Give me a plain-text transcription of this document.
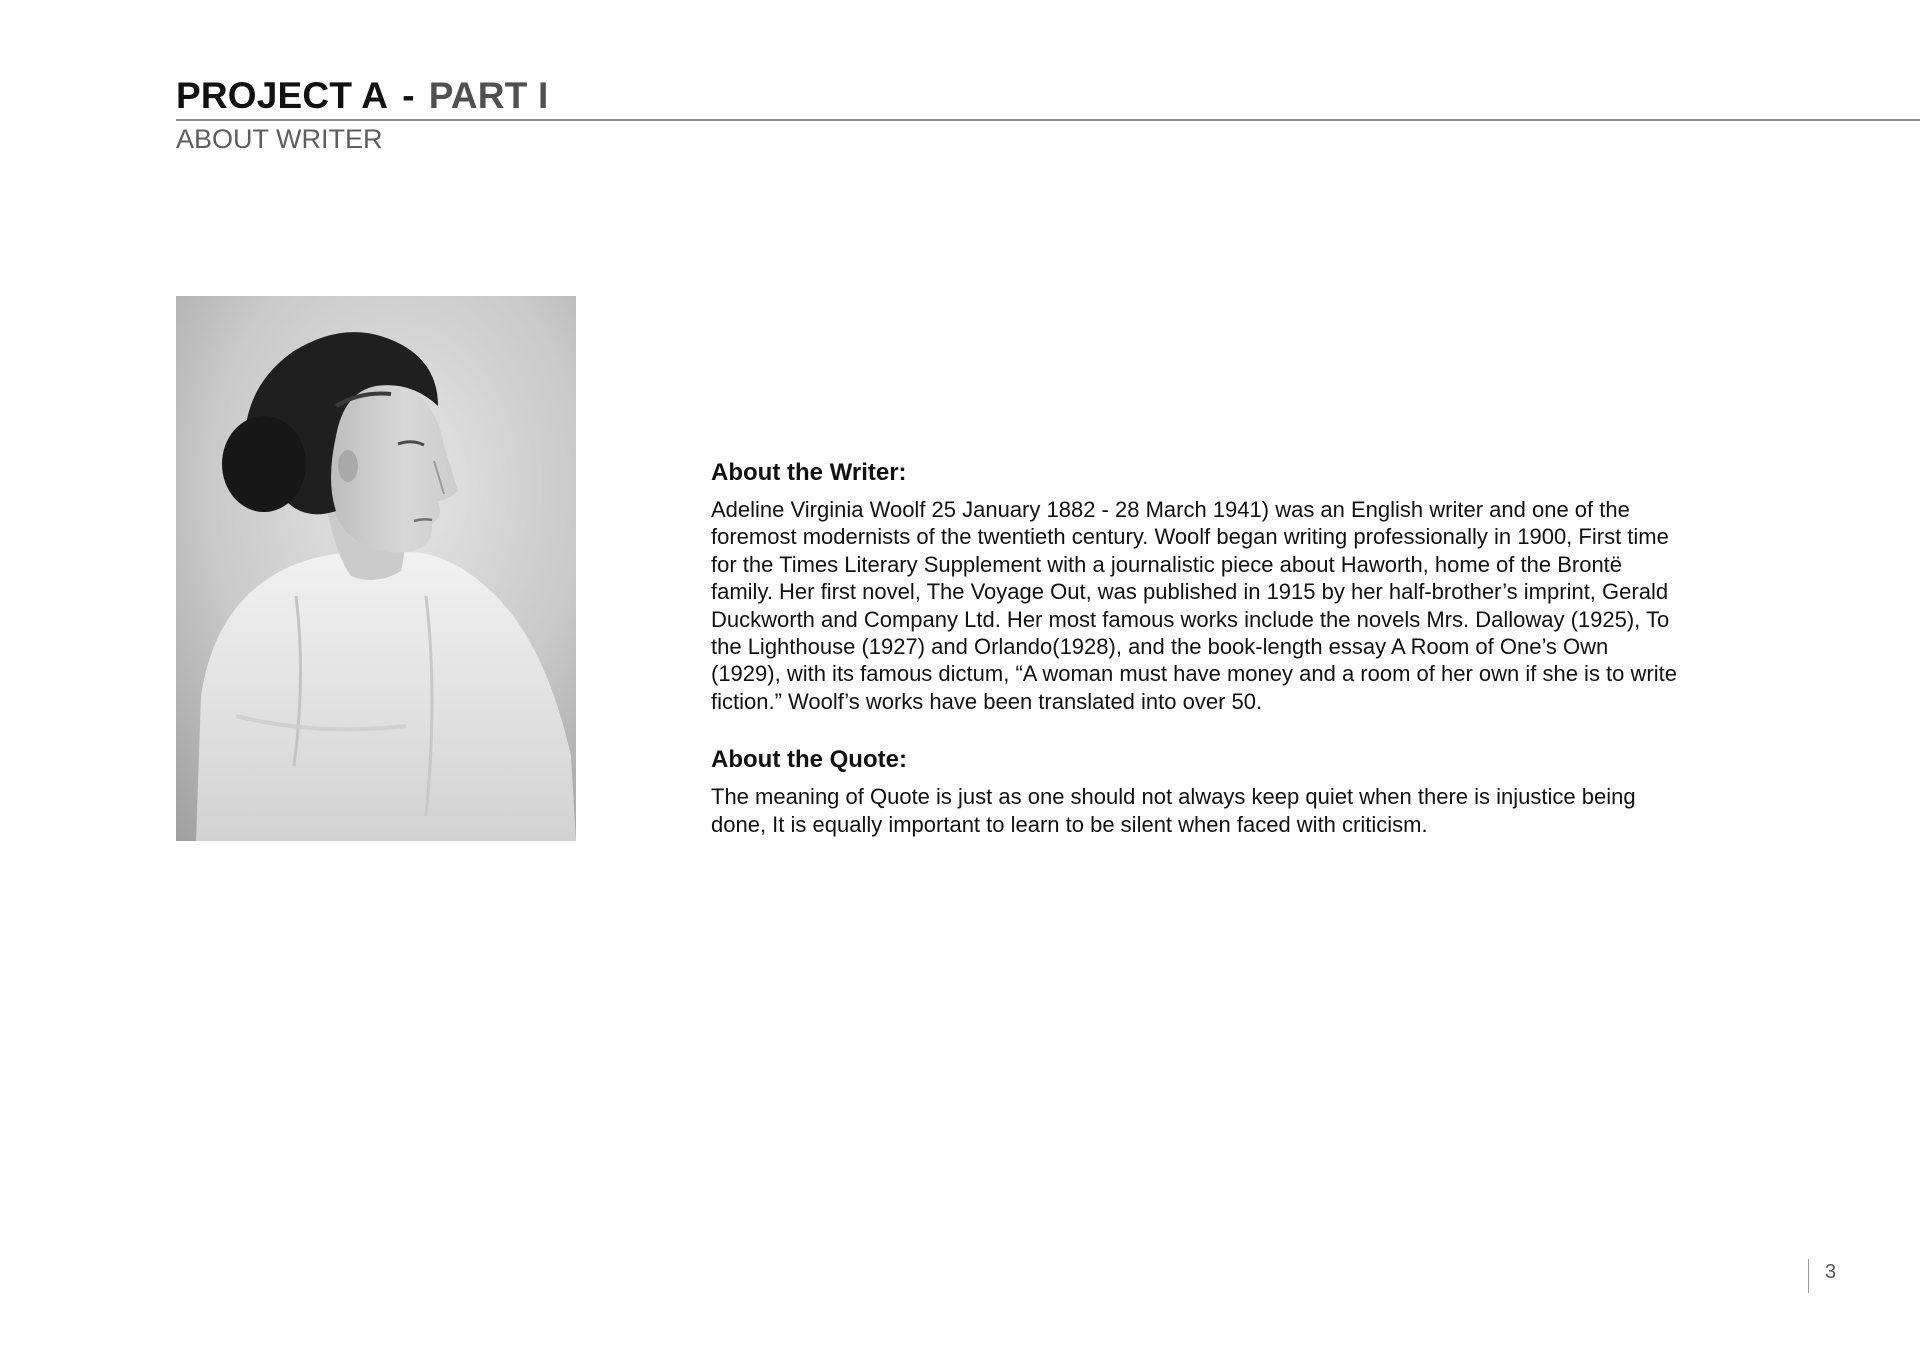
PROJECT A - PART I
ABOUT WRITER
About the Writer:

Adeline Virginia Woolf 25 January 1882 - 28 March 1941) was an English writer and one of the foremost modernists of the twentieth century. Woolf began writing professionally in 1900, First time for the Times Literary Supplement with a journalistic piece about Haworth, home of the Brontë family. Her first novel, The Voyage Out, was published in 1915 by her half-brother’s imprint, Gerald Duckworth and Company Ltd. Her most famous works include the novels Mrs. Dalloway (1925), To the Lighthouse (1927) and Orlando(1928), and the book-length essay A Room of One’s Own (1929), with its famous dictum, “A woman must have money and a room of her own if she is to write fiction.” Woolf’s works have been translated into over 50.

About the Quote:

The meaning of Quote is just as one should not always keep quiet when there is injustice being done, It is equally important to learn to be silent when faced with criticism.

3
